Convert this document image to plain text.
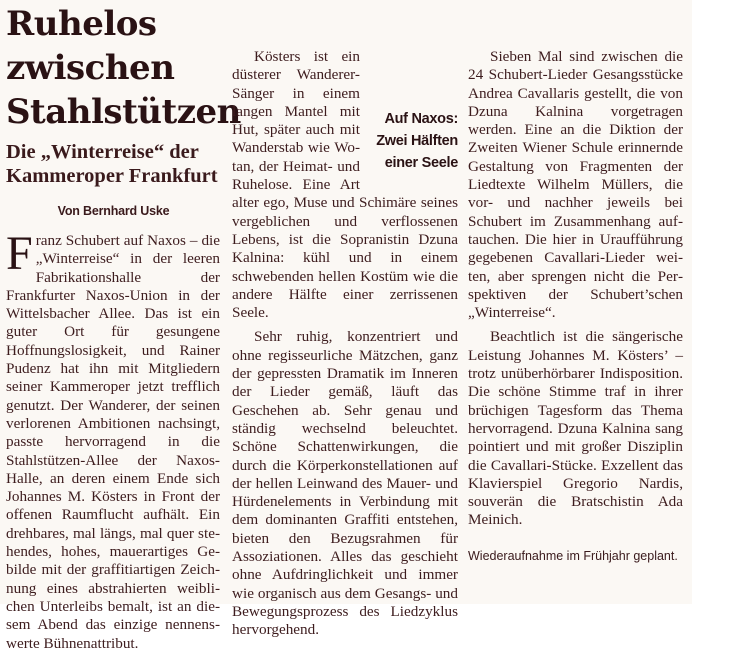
Ruhelos zwischen Stahlstützen
Die „Winterreise“ der Kammeroper Frankfurt
Von Bernhard Uske

Franz Schubert auf Naxos – die „Winterreise“ in der leeren Fabrikationshalle der Frankfurter Naxos-Union in der Wittelsbacher Allee. Das ist ein guter Ort für gesungene Hoffnungslosigkeit, und Rainer Pudenz hat ihn mit Mitgliedern seiner Kammeroper jetzt trefflich genutzt. Der Wanderer, der seinen verlorenen Ambitionen nachsingt, passte hervorragend in die Stahlstützen-Allee der Naxos-Halle, an deren einem Ende sich Johannes M. Kösters in Front der offenen Raumflucht aufhält. Ein drehbares, mal längs, mal quer stehendes, hohes, mauerartiges Gebilde mit der graffitiartigen Zeichnung eines abstrahierten weiblichen Unterleibs bemalt, ist an diesem Abend das einzige nennenswerte Bühnenattribut.

Auf Naxos: Zwei Hälften einer Seele

Kösters ist ein düsterer Wanderer-Sänger in einem langen Mantel mit Hut, später auch mit Wanderstab wie Wotan, der Heimat- und Ruhelose. Eine Art alter ego, Muse und Schimäre seines vergeblichen und verflossenen Lebens, ist die Sopranistin Dzuna Kalnina: kühl und in einem schwebenden hellen Kostüm wie die andere Hälfte einer zerrissenen Seele.

Sehr ruhig, konzentriert und ohne regisseurliche Mätzchen, ganz der gepressten Dramatik im Inneren der Lieder gemäß, läuft das Geschehen ab. Sehr genau und ständig wechselnd beleuchtet. Schöne Schattenwirkungen, die durch die Körperkonstellationen auf der hellen Leinwand des Mauer- und Hürdenelements in Verbindung mit dem dominanten Graffiti entstehen, bieten den Bezugsrahmen für Assoziationen. Alles das geschieht ohne Aufdringlichkeit und immer wie organisch aus dem Gesangs- und Bewegungsprozess des Liedzyklus hervorgehend.

Sieben Mal sind zwischen die 24 Schubert-Lieder Gesangsstücke Andrea Cavallaris gestellt, die von Dzuna Kalnina vorgetragen werden. Eine an die Diktion der Zweiten Wiener Schule erinnernde Gestaltung von Fragmenten der Liedtexte Wilhelm Müllers, die vor- und nachher jeweils bei Schubert im Zusammenhang auftauchen. Die hier in Uraufführung gegebenen Cavallari-Lieder weiten, aber sprengen nicht die Perspektiven der Schubert’schen „Winterreise“.

Beachtlich ist die sängerische Leistung Johannes M. Kösters’ – trotz unüberhörbarer Indisposition. Die schöne Stimme traf in ihrer brüchigen Tagesform das Thema hervorragend. Dzuna Kalnina sang pointiert und mit großer Disziplin die Cavallari-Stücke. Exzellent das Klavierspiel Gregorio Nardis, souverän die Bratschistin Ada Meinich.

Wiederaufnahme im Frühjahr geplant.
